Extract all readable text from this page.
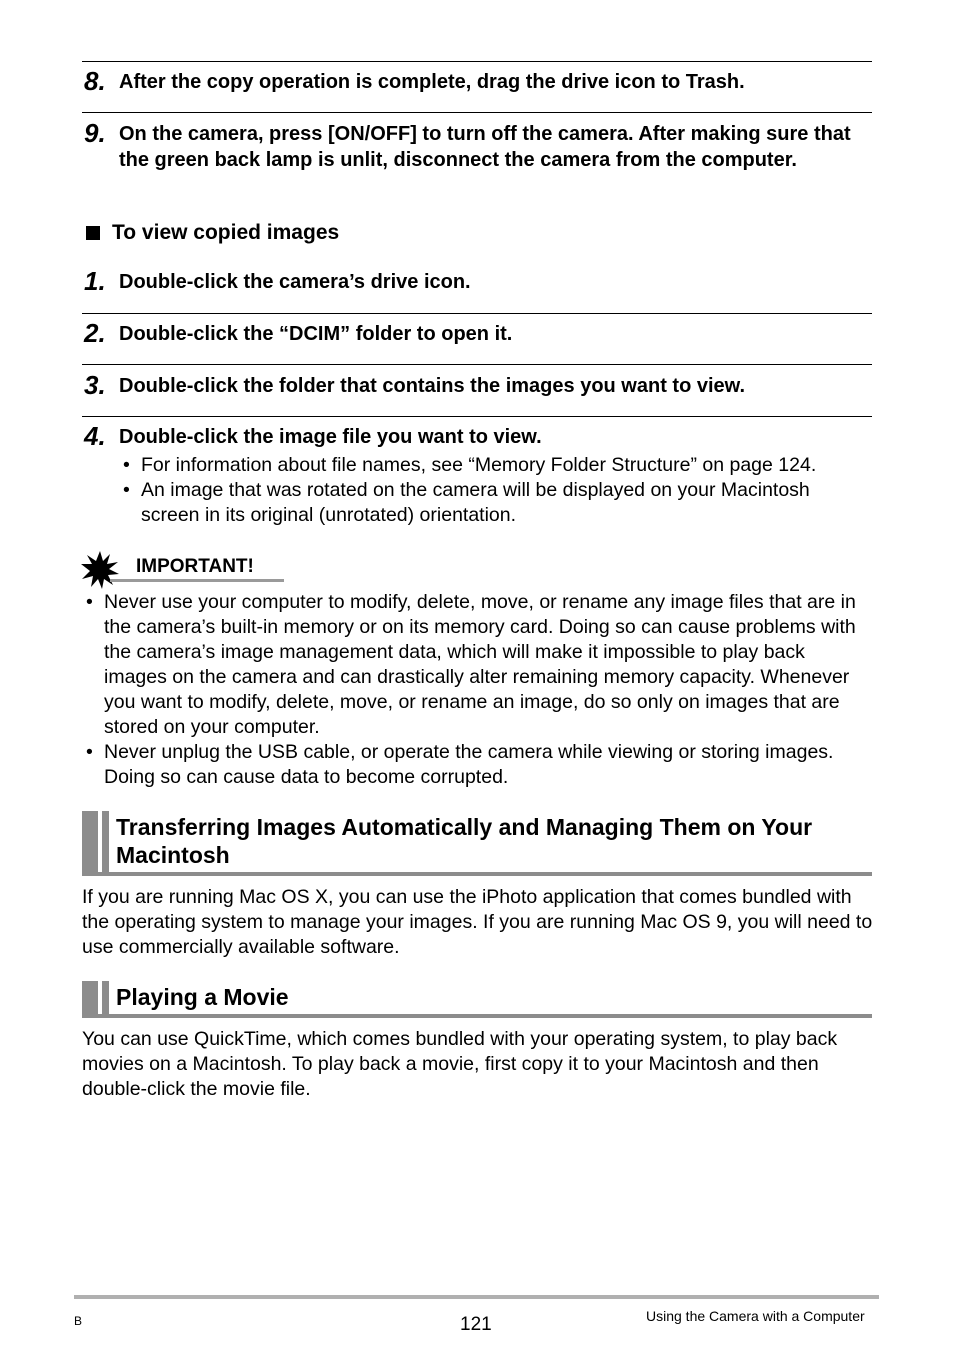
8. After the copy operation is complete, drag the drive icon to Trash.
9. On the camera, press [ON/OFF] to turn off the camera. After making sure that the green back lamp is unlit, disconnect the camera from the computer.
To view copied images
1. Double-click the camera’s drive icon.
2. Double-click the “DCIM” folder to open it.
3. Double-click the folder that contains the images you want to view.
4. Double-click the image file you want to view.
• For information about file names, see “Memory Folder Structure” on page 124.
• An image that was rotated on the camera will be displayed on your Macintosh screen in its original (unrotated) orientation.
IMPORTANT!
• Never use your computer to modify, delete, move, or rename any image files that are in the camera’s built-in memory or on its memory card. Doing so can cause problems with the camera’s image management data, which will make it impossible to play back images on the camera and can drastically alter remaining memory capacity. Whenever you want to modify, delete, move, or rename an image, do so only on images that are stored on your computer.
• Never unplug the USB cable, or operate the camera while viewing or storing images. Doing so can cause data to become corrupted.
Transferring Images Automatically and Managing Them on Your Macintosh
If you are running Mac OS X, you can use the iPhoto application that comes bundled with the operating system to manage your images. If you are running Mac OS 9, you will need to use commercially available software.
Playing a Movie
You can use QuickTime, which comes bundled with your operating system, to play back movies on a Macintosh. To play back a movie, first copy it to your Macintosh and then double-click the movie file.
B	121	Using the Camera with a Computer
